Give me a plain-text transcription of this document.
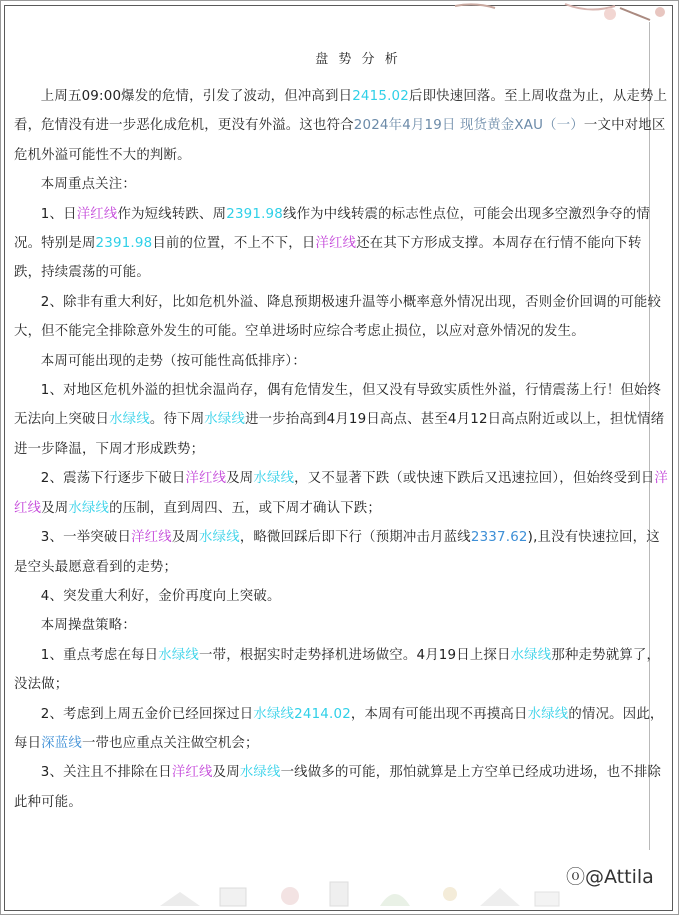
盘 势 分 析

上周五09:00爆发的危情，引发了波动，但冲高到日2415.02后即快速回落。至上周收盘为止，从走势上看，危情没有进一步恶化成危机，更没有外溢。这也符合2024年4月19日 现货黄金XAU（一）一文中对地区危机外溢可能性不大的判断。

本周重点关注：

1、日洋红线作为短线转跌、周2391.98线作为中线转震的标志性点位，可能会出现多空激烈争夺的情况。特别是周2391.98目前的位置，不上不下，日洋红线还在其下方形成支撑。本周存在行情不能向下转跌，持续震荡的可能。

2、除非有重大利好，比如危机外溢、降息预期极速升温等小概率意外情况出现，否则金价回调的可能较大，但不能完全排除意外发生的可能。空单进场时应综合考虑止损位，以应对意外情况的发生。

本周可能出现的走势（按可能性高低排序）：

1、对地区危机外溢的担忧余温尚存，偶有危情发生，但又没有导致实质性外溢，行情震荡上行！但始终无法向上突破日水绿线。待下周水绿线进一步抬高到4月19日高点、甚至4月12日高点附近或以上，担忧情绪进一步降温，下周才形成跌势；

2、震荡下行逐步下破日洋红线及周水绿线，又不显著下跌（或快速下跌后又迅速拉回），但始终受到日洋红线及周水绿线的压制，直到周四、五，或下周才确认下跌；

3、一举突破日洋红线及周水绿线，略微回踩后即下行（预期冲击月蓝线2337.62),且没有快速拉回，这是空头最愿意看到的走势；

4、突发重大利好，金价再度向上突破。

本周操盘策略：

1、重点考虑在每日水绿线一带，根据实时走势择机进场做空。4月19日上探日水绿线那种走势就算了，没法做；

2、考虑到上周五金价已经回探过日水绿线2414.02，本周有可能出现不再摸高日水绿线的情况。因此，每日深蓝线一带也应重点关注做空机会；

3、关注且不排除在日洋红线及周水绿线一线做多的可能，那怕就算是上方空单已经成功进场，也不排除此种可能。

ⓞ@Attila
